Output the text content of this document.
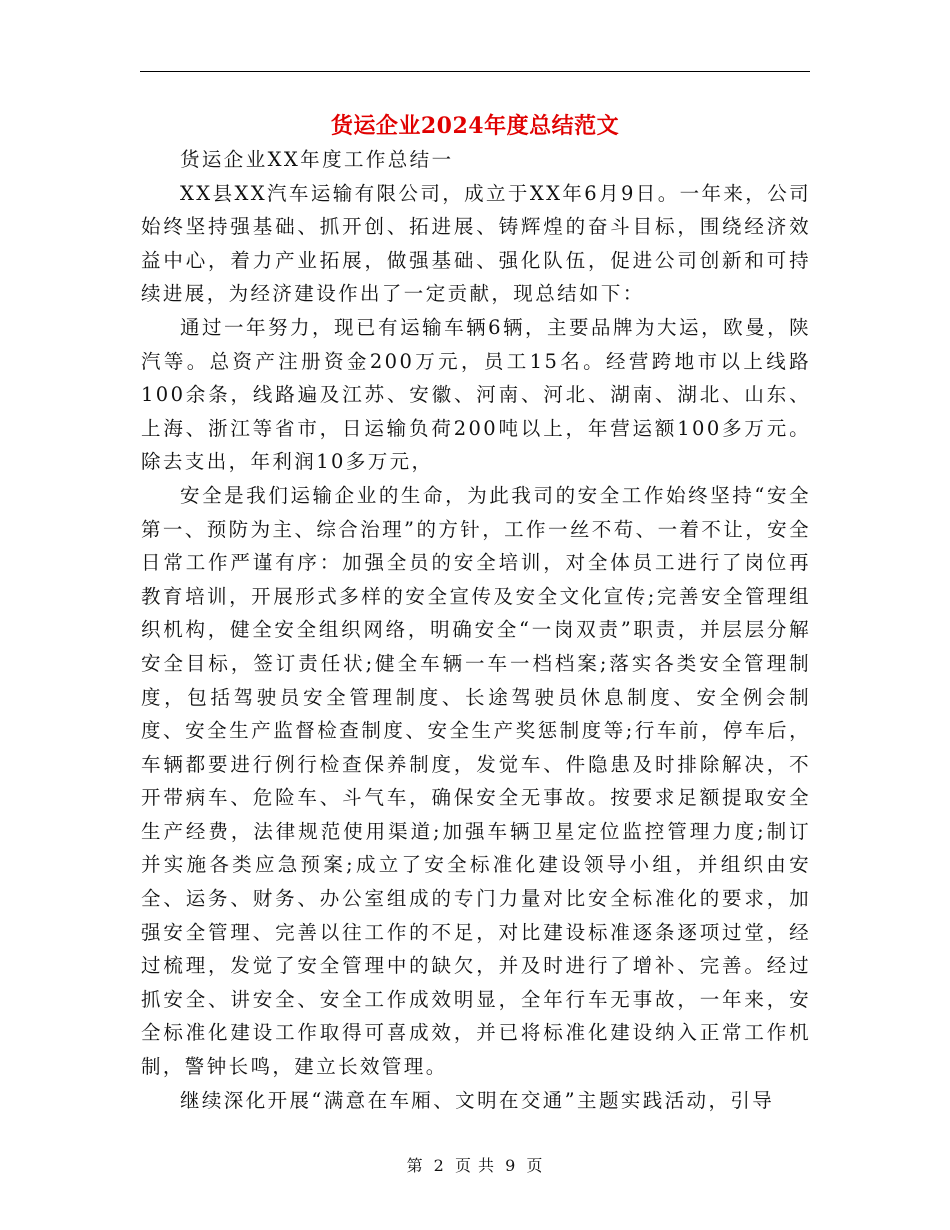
货运企业2024年度总结范文

货运企业XX年度工作总结一

XX县XX汽车运输有限公司，成立于XX年6月9日。一年来，公司始终坚持强基础、抓开创、拓进展、铸辉煌的奋斗目标，围绕经济效益中心，着力产业拓展，做强基础、强化队伍，促进公司创新和可持续进展，为经济建设作出了一定贡献，现总结如下：

通过一年努力，现已有运输车辆6辆，主要品牌为大运，欧曼，陕汽等。总资产注册资金200万元，员工15名。经营跨地市以上线路100余条，线路遍及江苏、安徽、河南、河北、湖南、湖北、山东、上海、浙江等省市，日运输负荷200吨以上，年营运额100多万元。除去支出，年利润10多万元，

安全是我们运输企业的生命，为此我司的安全工作始终坚持“安全第一、预防为主、综合治理”的方针，工作一丝不苟、一着不让，安全日常工作严谨有序：加强全员的安全培训，对全体员工进行了岗位再教育培训，开展形式多样的安全宣传及安全文化宣传;完善安全管理组织机构，健全安全组织网络，明确安全“一岗双责”职责，并层层分解安全目标，签订责任状;健全车辆一车一档档案;落实各类安全管理制度，包括驾驶员安全管理制度、长途驾驶员休息制度、安全例会制度、安全生产监督检查制度、安全生产奖惩制度等;行车前，停车后，车辆都要进行例行检查保养制度，发觉车、件隐患及时排除解决，不开带病车、危险车、斗气车，确保安全无事故。按要求足额提取安全生产经费，法律规范使用渠道;加强车辆卫星定位监控管理力度;制订并实施各类应急预案;成立了安全标准化建设领导小组，并组织由安全、运务、财务、办公室组成的专门力量对比安全标准化的要求，加强安全管理、完善以往工作的不足，对比建设标准逐条逐项过堂，经过梳理，发觉了安全管理中的缺欠，并及时进行了增补、完善。经过抓安全、讲安全、安全工作成效明显，全年行车无事故，一年来，安全标准化建设工作取得可喜成效，并已将标准化建设纳入正常工作机制，警钟长鸣，建立长效管理。

继续深化开展“满意在车厢、文明在交通”主题实践活动，引导

第 2 页 共 9 页
